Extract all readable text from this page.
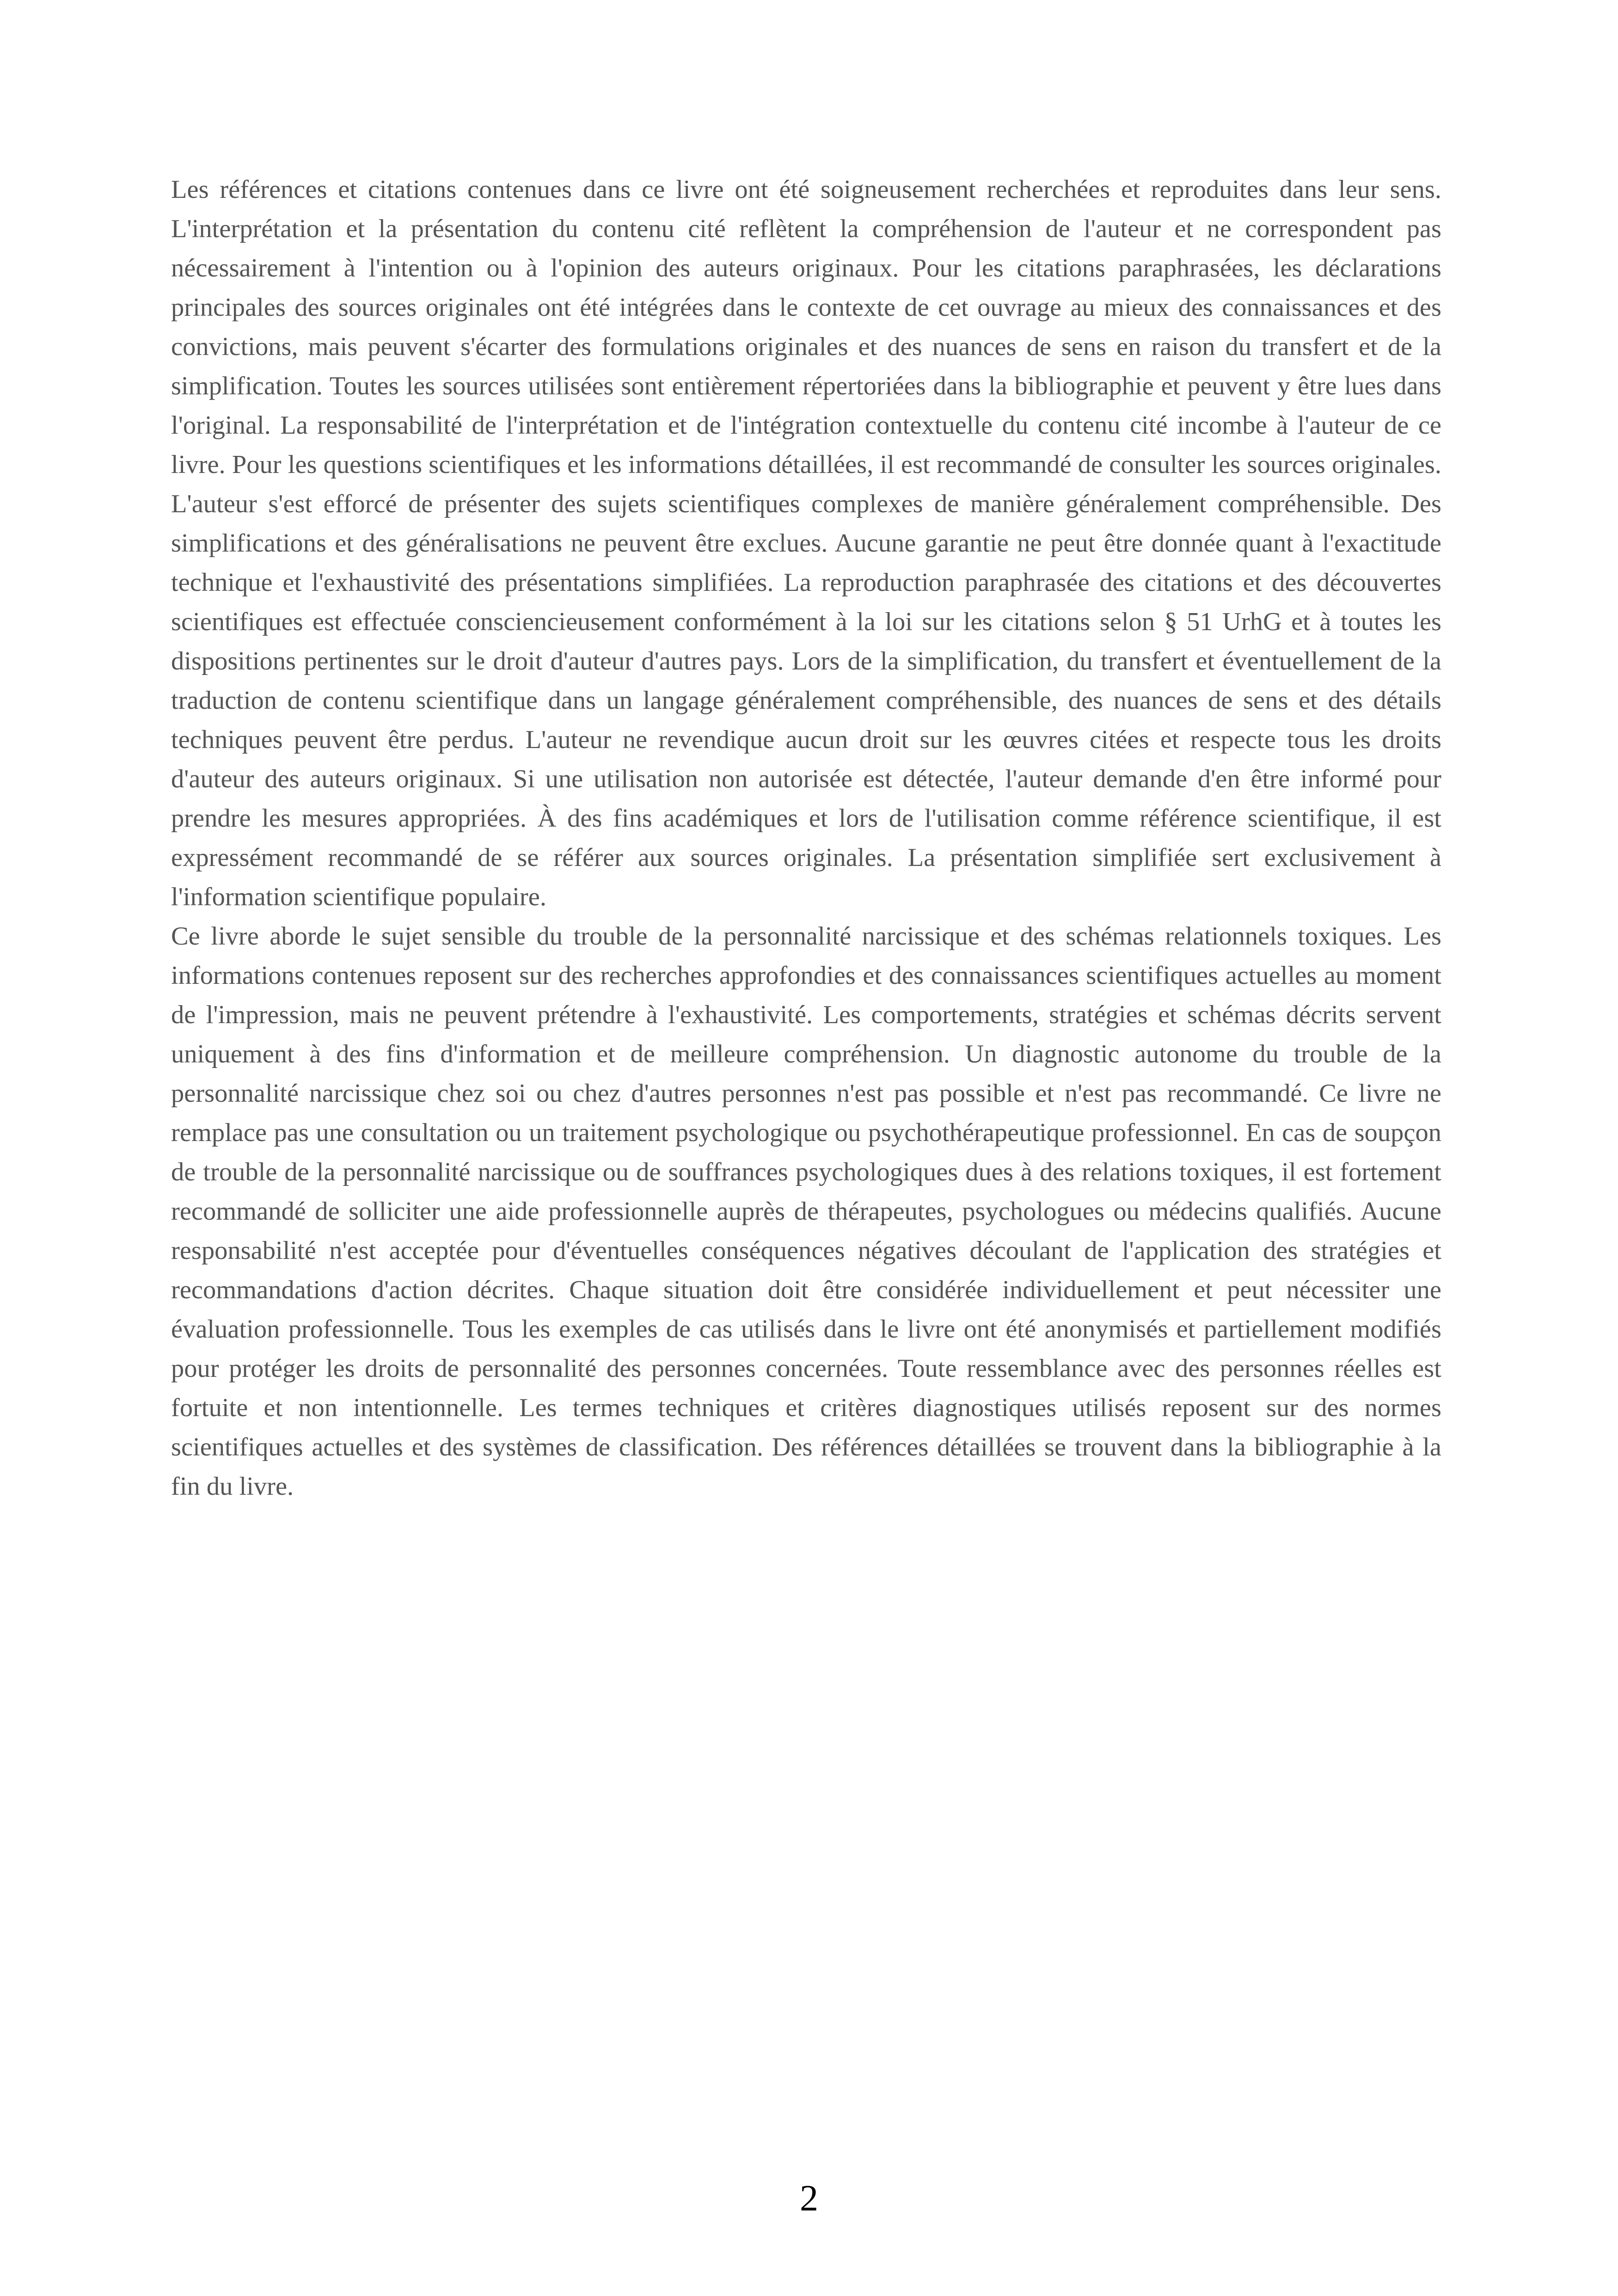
Les références et citations contenues dans ce livre ont été soigneusement recherchées et reproduites dans leur sens. L'interprétation et la présentation du contenu cité reflètent la compréhension de l'auteur et ne correspondent pas nécessairement à l'intention ou à l'opinion des auteurs originaux. Pour les citations paraphrasées, les déclarations principales des sources originales ont été intégrées dans le contexte de cet ouvrage au mieux des connaissances et des convictions, mais peuvent s'écarter des formulations originales et des nuances de sens en raison du transfert et de la simplification. Toutes les sources utilisées sont entièrement répertoriées dans la bibliographie et peuvent y être lues dans l'original. La responsabilité de l'interprétation et de l'intégration contextuelle du contenu cité incombe à l'auteur de ce livre. Pour les questions scientifiques et les informations détaillées, il est recommandé de consulter les sources originales. L'auteur s'est efforcé de présenter des sujets scientifiques complexes de manière généralement compréhensible. Des simplifications et des généralisations ne peuvent être exclues. Aucune garantie ne peut être donnée quant à l'exactitude technique et l'exhaustivité des présentations simplifiées. La reproduction paraphrasée des citations et des découvertes scientifiques est effectuée consciencieusement conformément à la loi sur les citations selon § 51 UrhG et à toutes les dispositions pertinentes sur le droit d'auteur d'autres pays. Lors de la simplification, du transfert et éventuellement de la traduction de contenu scientifique dans un langage généralement compréhensible, des nuances de sens et des détails techniques peuvent être perdus. L'auteur ne revendique aucun droit sur les œuvres citées et respecte tous les droits d'auteur des auteurs originaux. Si une utilisation non autorisée est détectée, l'auteur demande d'en être informé pour prendre les mesures appropriées. À des fins académiques et lors de l'utilisation comme référence scientifique, il est expressément recommandé de se référer aux sources originales. La présentation simplifiée sert exclusivement à l'information scientifique populaire.

Ce livre aborde le sujet sensible du trouble de la personnalité narcissique et des schémas relationnels toxiques. Les informations contenues reposent sur des recherches approfondies et des connaissances scientifiques actuelles au moment de l'impression, mais ne peuvent prétendre à l'exhaustivité. Les comportements, stratégies et schémas décrits servent uniquement à des fins d'information et de meilleure compréhension. Un diagnostic autonome du trouble de la personnalité narcissique chez soi ou chez d'autres personnes n'est pas possible et n'est pas recommandé. Ce livre ne remplace pas une consultation ou un traitement psychologique ou psychothérapeutique professionnel. En cas de soupçon de trouble de la personnalité narcissique ou de souffrances psychologiques dues à des relations toxiques, il est fortement recommandé de solliciter une aide professionnelle auprès de thérapeutes, psychologues ou médecins qualifiés. Aucune responsabilité n'est acceptée pour d'éventuelles conséquences négatives découlant de l'application des stratégies et recommandations d'action décrites. Chaque situation doit être considérée individuellement et peut nécessiter une évaluation professionnelle. Tous les exemples de cas utilisés dans le livre ont été anonymisés et partiellement modifiés pour protéger les droits de personnalité des personnes concernées. Toute ressemblance avec des personnes réelles est fortuite et non intentionnelle. Les termes techniques et critères diagnostiques utilisés reposent sur des normes scientifiques actuelles et des systèmes de classification. Des références détaillées se trouvent dans la bibliographie à la fin du livre.

2
